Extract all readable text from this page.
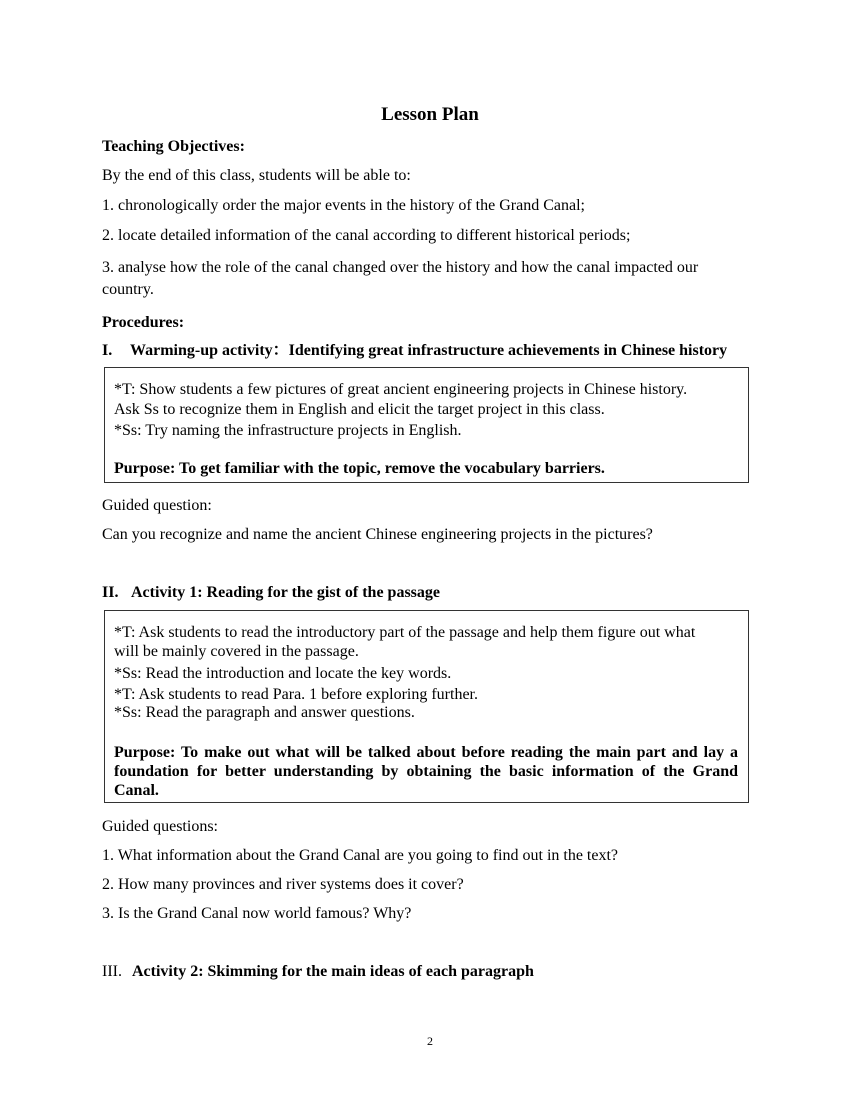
Lesson Plan
Teaching Objectives:
By the end of this class, students will be able to:
1. chronologically order the major events in the history of the Grand Canal;
2. locate detailed information of the canal according to different historical periods;
3. analyse how the role of the canal changed over the history and how the canal impacted our
country.
Procedures:
I. Warming-up activity：Identifying great infrastructure achievements in Chinese history
*T: Show students a few pictures of great ancient engineering projects in Chinese history.
Ask Ss to recognize them in English and elicit the target project in this class.
*Ss: Try naming the infrastructure projects in English.
Purpose: To get familiar with the topic, remove the vocabulary barriers.
Guided question:
Can you recognize and name the ancient Chinese engineering projects in the pictures?
II. Activity 1: Reading for the gist of the passage
*T: Ask students to read the introductory part of the passage and help them figure out what
will be mainly covered in the passage.
*Ss: Read the introduction and locate the key words.
*T: Ask students to read Para. 1 before exploring further.
*Ss: Read the paragraph and answer questions.
Purpose: To make out what will be talked about before reading the main part and lay a
foundation for better understanding by obtaining the basic information of the Grand
Canal.
Guided questions:
1. What information about the Grand Canal are you going to find out in the text?
2. How many provinces and river systems does it cover?
3. Is the Grand Canal now world famous? Why?
III. Activity 2: Skimming for the main ideas of each paragraph
2
